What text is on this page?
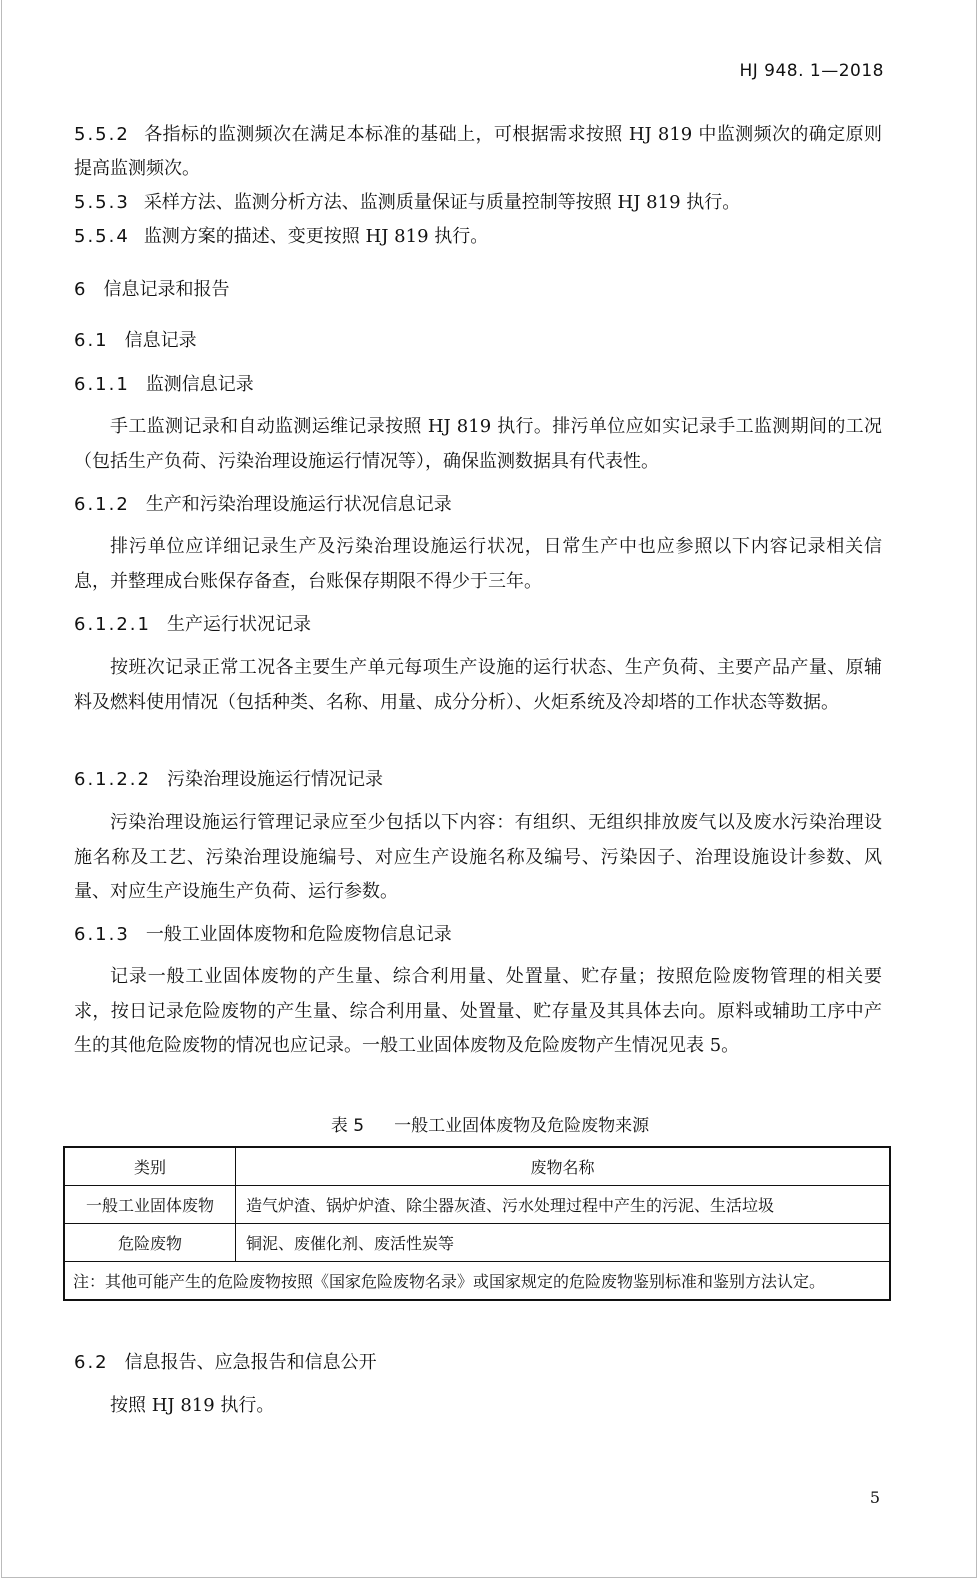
HJ 948. 1—2018
5.5.2 各指标的监测频次在满足本标准的基础上，可根据需求按照 HJ 819 中监测频次的确定原则提高监测频次。
5.5.3 采样方法、监测分析方法、监测质量保证与质量控制等按照 HJ 819 执行。
5.5.4 监测方案的描述、变更按照 HJ 819 执行。
6 信息记录和报告
6.1 信息记录
6.1.1 监测信息记录
手工监测记录和自动监测运维记录按照 HJ 819 执行。排污单位应如实记录手工监测期间的工况（包括生产负荷、污染治理设施运行情况等），确保监测数据具有代表性。
6.1.2 生产和污染治理设施运行状况信息记录
排污单位应详细记录生产及污染治理设施运行状况，日常生产中也应参照以下内容记录相关信息，并整理成台账保存备查，台账保存期限不得少于三年。
6.1.2.1 生产运行状况记录
按班次记录正常工况各主要生产单元每项生产设施的运行状态、生产负荷、主要产品产量、原辅料及燃料使用情况（包括种类、名称、用量、成分分析）、火炬系统及冷却塔的工作状态等数据。
6.1.2.2 污染治理设施运行情况记录
污染治理设施运行管理记录应至少包括以下内容：有组织、无组织排放废气以及废水污染治理设施名称及工艺、污染治理设施编号、对应生产设施名称及编号、污染因子、治理设施设计参数、风量、对应生产设施生产负荷、运行参数。
6.1.3 一般工业固体废物和危险废物信息记录
记录一般工业固体废物的产生量、综合利用量、处置量、贮存量；按照危险废物管理的相关要求，按日记录危险废物的产生量、综合利用量、处置量、贮存量及其具体去向。原料或辅助工序中产生的其他危险废物的情况也应记录。一般工业固体废物及危险废物产生情况见表 5。
表 5 一般工业固体废物及危险废物来源
类别	废物名称
一般工业固体废物	造气炉渣、锅炉炉渣、除尘器灰渣、污水处理过程中产生的污泥、生活垃圾
危险废物	铜泥、废催化剂、废活性炭等
注：其他可能产生的危险废物按照《国家危险废物名录》或国家规定的危险废物鉴别标准和鉴别方法认定。	
6.2 信息报告、应急报告和信息公开
按照 HJ 819 执行。
5
